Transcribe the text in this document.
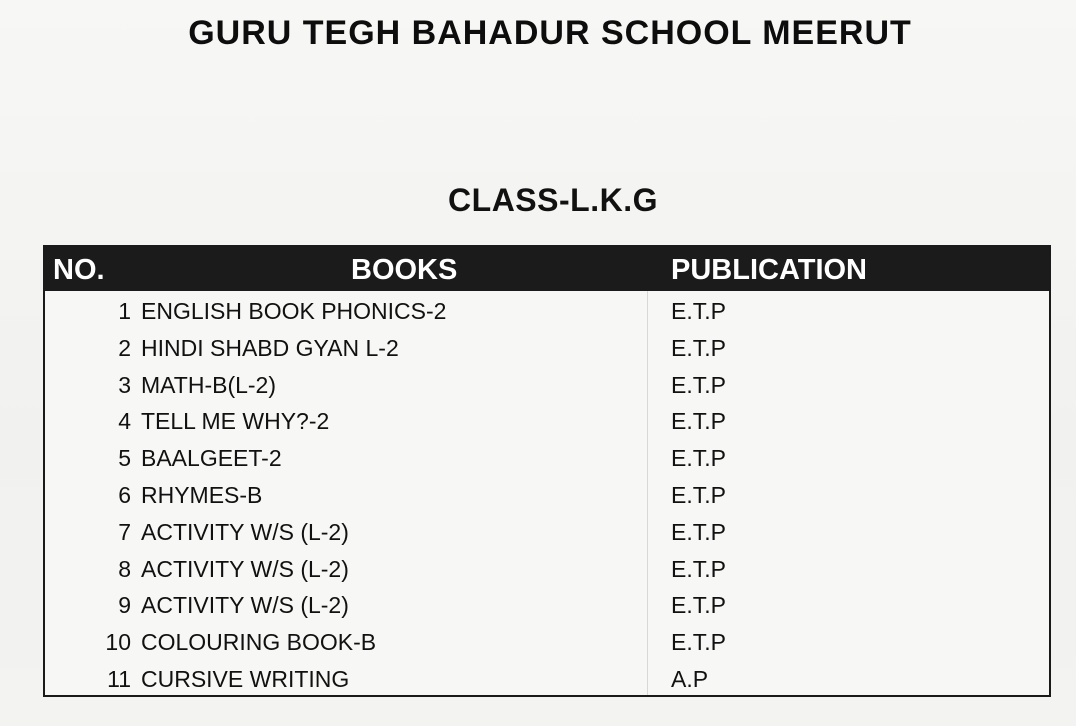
GURU TEGH BAHADUR SCHOOL MEERUT
CLASS-L.K.G
NO.	BOOKS	PUBLICATION
1 ENGLISH BOOK PHONICS-2	E.T.P
2 HINDI SHABD GYAN L-2	E.T.P
3 MATH-B(L-2)	E.T.P
4 TELL ME WHY?-2	E.T.P
5 BAALGEET-2	E.T.P
6 RHYMES-B	E.T.P
7 ACTIVITY W/S (L-2)	E.T.P
8 ACTIVITY W/S (L-2)	E.T.P
9 ACTIVITY W/S (L-2)	E.T.P
10 COLOURING BOOK-B	E.T.P
11 CURSIVE WRITING	A.P
